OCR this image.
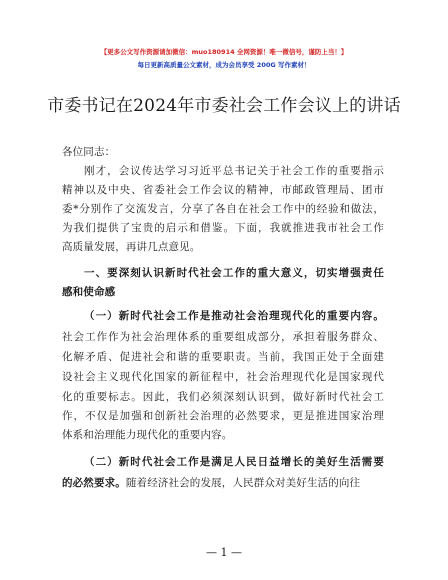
【更多公文写作资源请加微信：muo180914 全网资源！唯一微信号，谨防上当！】
每日更新高质量公文素材，成为会员享受 200G 写作素材！
市委书记在2024年市委社会工作会议上的讲话
各位同志：
刚才，会议传达学习习近平总书记关于社会工作的重要指示
精神以及中央、省委社会工作会议的精神，市邮政管理局、团市
委*分别作了交流发言，分享了各自在社会工作中的经验和做法，
为我们提供了宝贵的启示和借鉴。下面，我就推进我市社会工作
高质量发展，再讲几点意见。
一、要深刻认识新时代社会工作的重大意义，切实增强责任
感和使命感
（一）新时代社会工作是推动社会治理现代化的重要内容。
社会工作作为社会治理体系的重要组成部分，承担着服务群众、
化解矛盾、促进社会和谐的重要职责。当前，我国正处于全面建
设社会主义现代化国家的新征程中，社会治理现代化是国家现代
化的重要标志。因此，我们必须深刻认识到，做好新时代社会工
作，不仅是加强和创新社会治理的必然要求，更是推进国家治理
体系和治理能力现代化的重要内容。
（二）新时代社会工作是满足人民日益增长的美好生活需要
的必然要求。随着经济社会的发展，人民群众对美好生活的向往
— 1 —
